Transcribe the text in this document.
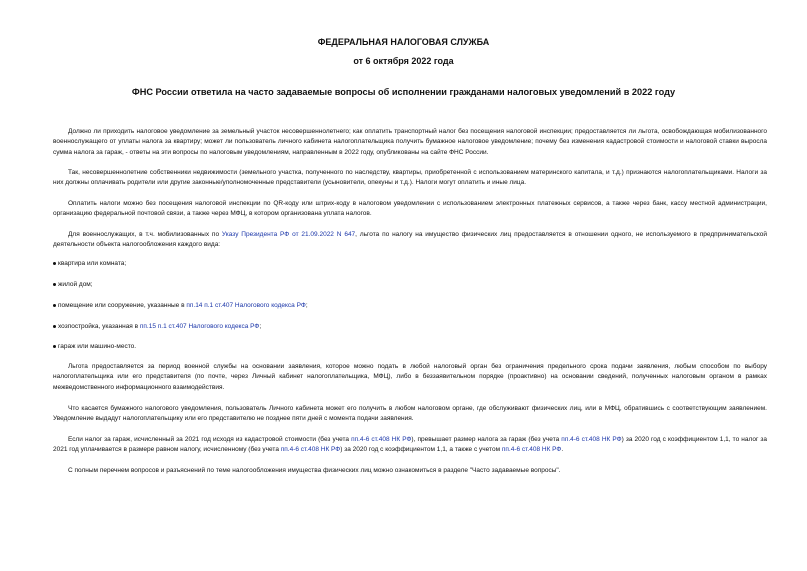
ФЕДЕРАЛЬНАЯ НАЛОГОВАЯ СЛУЖБА
от 6 октября 2022 года
ФНС России ответила на часто задаваемые вопросы об исполнении гражданами налоговых уведомлений в 2022 году

Должно ли приходить налоговое уведомление за земельный участок несовершеннолетнего; как оплатить транспортный налог без посещения налоговой инспекции; предоставляется ли льгота, освобождающая мобилизованного военнослужащего от уплаты налога за квартиру; может ли пользователь личного кабинета налогоплательщика получить бумажное налоговое уведомление; почему без изменения кадастровой стоимости и налоговой ставки выросла сумма налога за гараж, - ответы на эти вопросы по налоговым уведомлениям, направленным в 2022 году, опубликованы на сайте ФНС России.

Так, несовершеннолетние собственники недвижимости (земельного участка, полученного по наследству, квартиры, приобретенной с использованием материнского капитала, и т.д.) признаются налогоплательщиками. Налоги за них должны оплачивать родители или другие законные/уполномоченные представители (усыновители, опекуны и т.д.). Налоги могут оплатить и иные лица.

Оплатить налоги можно без посещения налоговой инспекции по QR-коду или штрих-коду в налоговом уведомлении с использованием электронных платежных сервисов, а также через банк, кассу местной администрации, организацию федеральной почтовой связи, а также через МФЦ, в котором организована уплата налогов.

Для военнослужащих, в т.ч. мобилизованных по Указу Президента РФ от 21.09.2022 N 647, льгота по налогу на имущество физических лиц предоставляется в отношении одного, не используемого в предпринимательской деятельности объекта налогообложения каждого вида:

квартира или комната;

жилой дом;

помещение или сооружение, указанные в пп.14 п.1 ст.407 Налогового кодекса РФ;

хозпостройка, указанная в пп.15 п.1 ст.407 Налогового кодекса РФ;

гараж или машино-место.

Льгота предоставляется за период военной службы на основании заявления, которое можно подать в любой налоговый орган без ограничения предельного срока подачи заявления, любым способом по выбору налогоплательщика или его представителя (по почте, через Личный кабинет налогоплательщика, МФЦ), либо в беззаявительном порядке (проактивно) на основании сведений, полученных налоговым органом в рамках межведомственного информационного взаимодействия.

Что касается бумажного налогового уведомления, пользователь Личного кабинета может его получить в любом налоговом органе, где обслуживают физических лиц, или в МФЦ, обратившись с соответствующим заявлением. Уведомление выдадут налогоплательщику или его представителю не позднее пяти дней с момента подачи заявления.

Если налог за гараж, исчисленный за 2021 год исходя из кадастровой стоимости (без учета пп.4-6 ст.408 НК РФ), превышает размер налога за гараж (без учета пп.4-6 ст.408 НК РФ) за 2020 год с коэффициентом 1,1, то налог за 2021 год уплачивается в размере равном налогу, исчисленному (без учета пп.4-6 ст.408 НК РФ) за 2020 год с коэффициентом 1,1, а также с учетом пп.4-6 ст.408 НК РФ.

С полным перечнем вопросов и разъяснений по теме налогообложения имущества физических лиц можно ознакомиться в разделе "Часто задаваемые вопросы".
